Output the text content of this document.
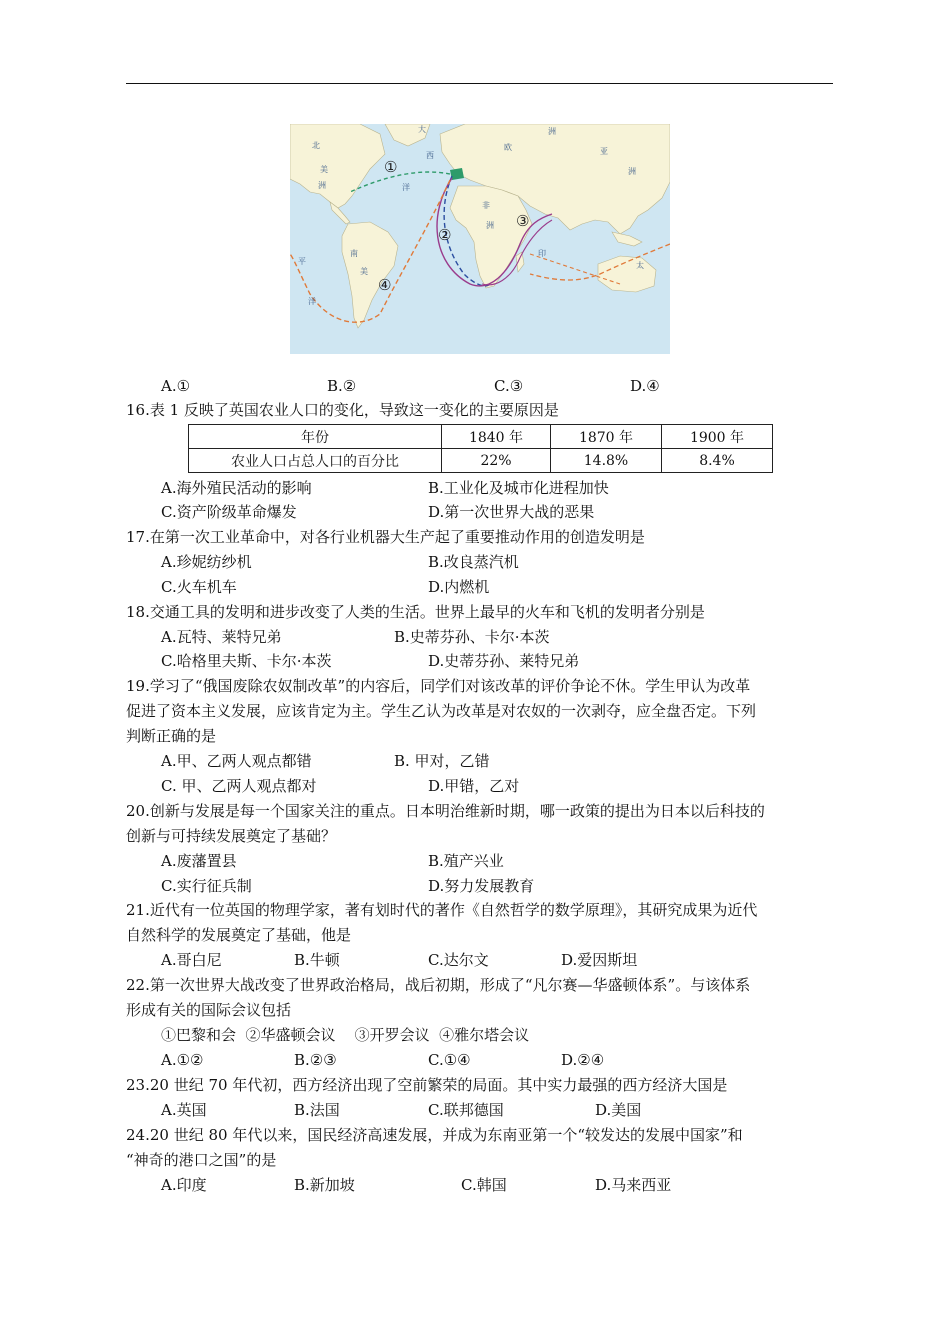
北
美
洲
大
西
洋
欧
洲
非
洲
亚
洲
平
南
美
洋
印
太
①
②
③
④
A.①	B.②	C.③	D.④
16.表 1 反映了英国农业人口的变化，导致这一变化的主要原因是
年份	1840 年	1870 年	1900 年
农业人口占总人口的百分比	22%	14.8%	8.4%
A.海外殖民活动的影响	B.工业化及城市化进程加快
C.资产阶级革命爆发	D.第一次世界大战的恶果
17.在第一次工业革命中，对各行业机器大生产起了重要推动作用的创造发明是
A.珍妮纺纱机	B.改良蒸汽机
C.火车机车	D.内燃机
18.交通工具的发明和进步改变了人类的生活。世界上最早的火车和飞机的发明者分别是
A.瓦特、莱特兄弟	B.史蒂芬孙、卡尔·本茨
C.哈格里夫斯、卡尔·本茨	D.史蒂芬孙、莱特兄弟
19.学习了“俄国废除农奴制改革”的内容后，同学们对该改革的评价争论不休。学生甲认为改革
促进了资本主义发展，应该肯定为主。学生乙认为改革是对农奴的一次剥夺，应全盘否定。下列
判断正确的是
A.甲、乙两人观点都错	B. 甲对，乙错
C. 甲、乙两人观点都对	D.甲错，乙对
20.创新与发展是每一个国家关注的重点。日本明治维新时期，哪一政策的提出为日本以后科技的
创新与可持续发展奠定了基础？
A.废藩置县	B.殖产兴业
C.实行征兵制	D.努力发展教育
21.近代有一位英国的物理学家，著有划时代的著作《自然哲学的数学原理》，其研究成果为近代
自然科学的发展奠定了基础，他是
A.哥白尼	B.牛顿	C.达尔文	D.爱因斯坦
22.第一次世界大战改变了世界政治格局，战后初期，形成了“凡尔赛—华盛顿体系”。与该体系
形成有关的国际会议包括
①巴黎和会  ②华盛顿会议    ③开罗会议  ④雅尔塔会议
A.①②	B.②③	C.①④	D.②④
23.20 世纪 70 年代初，西方经济出现了空前繁荣的局面。其中实力最强的西方经济大国是
A.英国	B.法国	C.联邦德国	D.美国
24.20 世纪 80 年代以来，国民经济高速发展，并成为东南亚第一个“较发达的发展中国家”和
“神奇的港口之国”的是
A.印度	B.新加坡	C.韩国	D.马来西亚
